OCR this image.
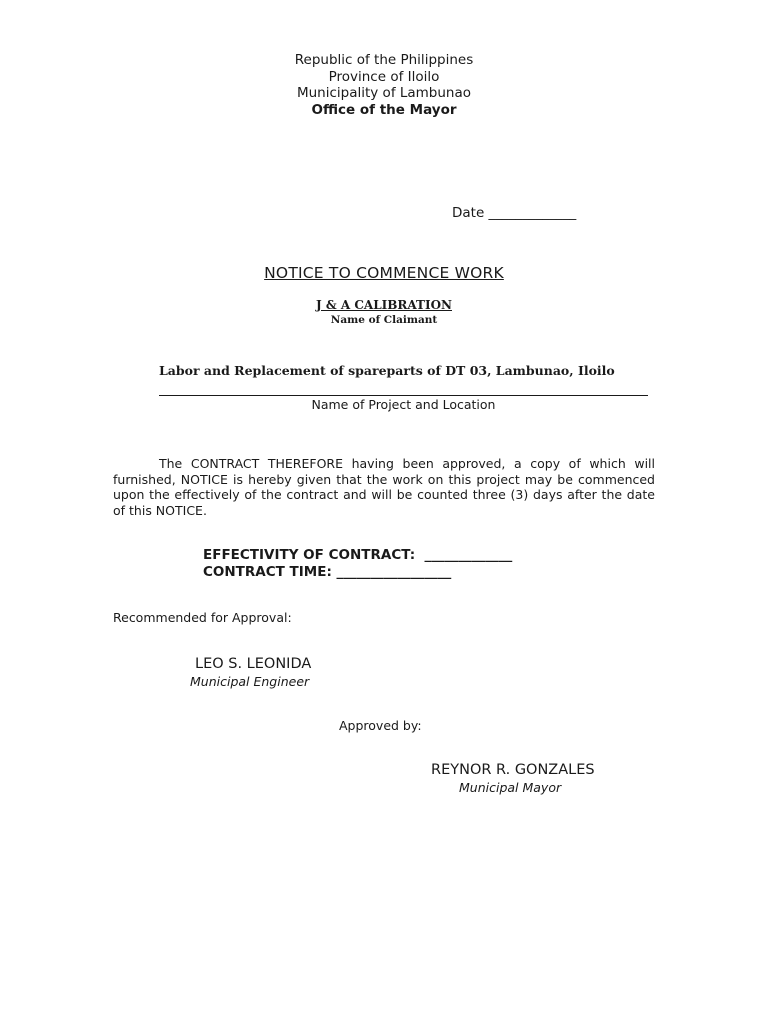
Republic of the Philippines
Province of Iloilo
Municipality of Lambunao
Office of the Mayor
Date _____________
NOTICE TO COMMENCE WORK
J & A CALIBRATION
Name of Claimant
Labor and Replacement of spareparts of DT 03, Lambunao, Iloilo
Name of Project and Location
The CONTRACT THEREFORE having been approved, a copy of which will furnished, NOTICE is hereby given that the work on this project may be commenced upon the effectively of the contract and will be counted three (3) days after the date of this NOTICE.
EFFECTIVITY OF CONTRACT:  _____________
CONTRACT TIME: _________________
Recommended for Approval:
LEO S. LEONIDA
Municipal Engineer
Approved by:
REYNOR R. GONZALES
Municipal Mayor
